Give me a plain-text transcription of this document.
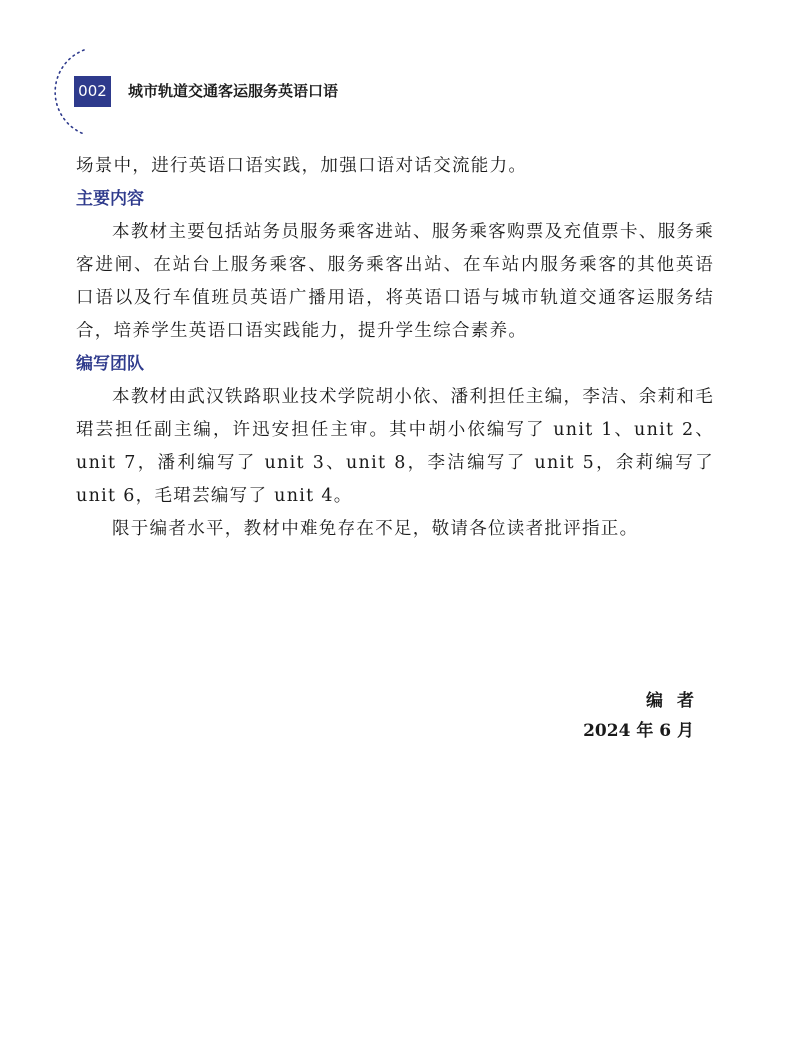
002 城市轨道交通客运服务英语口语

场景中，进行英语口语实践，加强口语对话交流能力。

主要内容

本教材主要包括站务员服务乘客进站、服务乘客购票及充值票卡、服务乘客进闸、在站台上服务乘客、服务乘客出站、在车站内服务乘客的其他英语口语以及行车值班员英语广播用语，将英语口语与城市轨道交通客运服务结合，培养学生英语口语实践能力，提升学生综合素养。

编写团队

本教材由武汉铁路职业技术学院胡小依、潘利担任主编，李洁、余莉和毛珺芸担任副主编，许迅安担任主审。其中胡小依编写了 unit 1、unit 2、unit 7，潘利编写了 unit 3、unit 8，李洁编写了 unit 5，余莉编写了 unit 6，毛珺芸编写了 unit 4。

限于编者水平，教材中难免存在不足，敬请各位读者批评指正。

编者
2024 年 6 月
